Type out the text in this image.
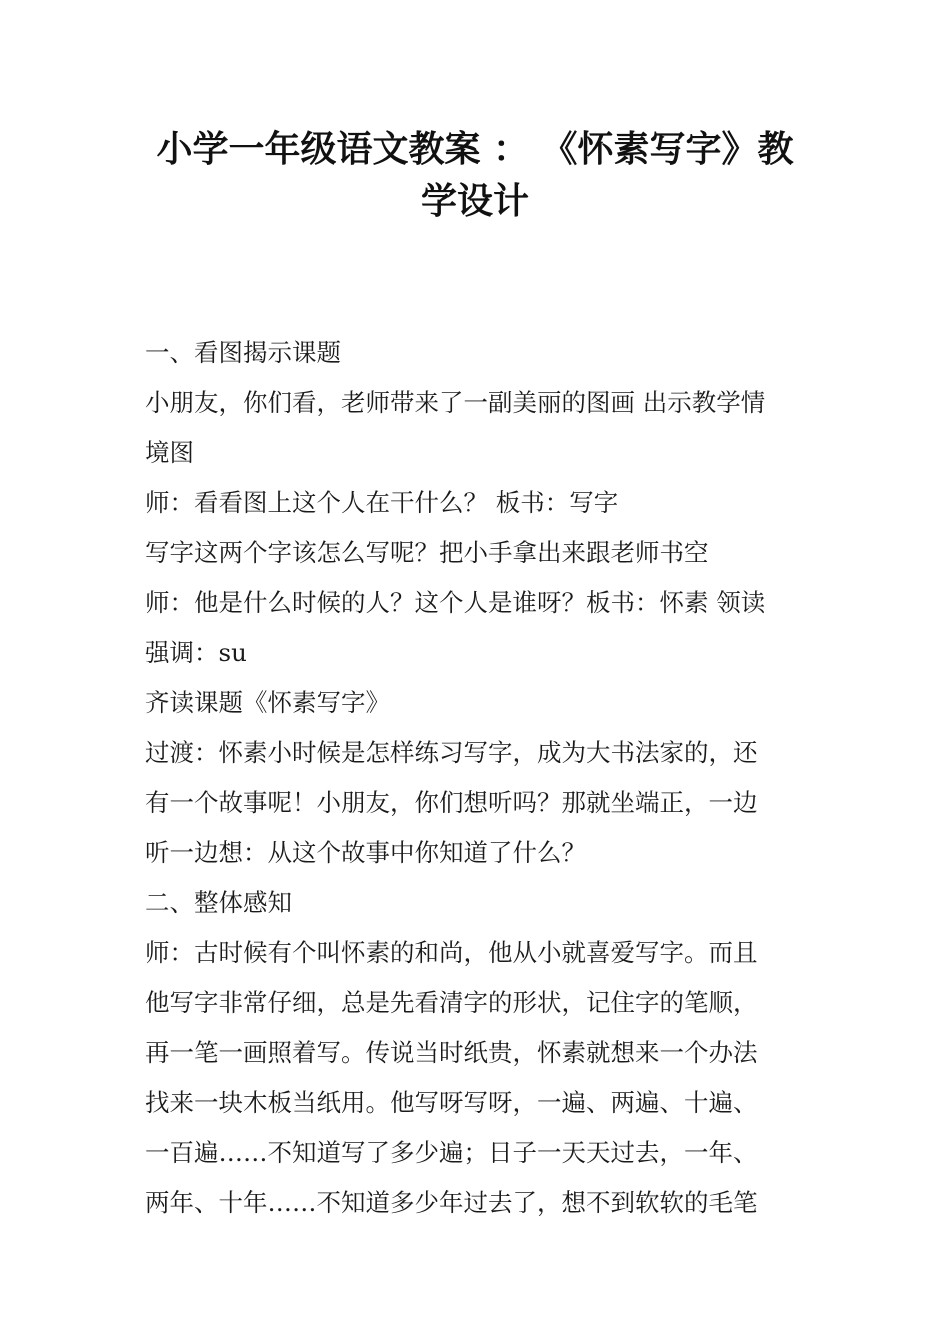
小学一年级语文教案 ： 《怀素写字》教
学设计
一、看图揭示课题
小朋友，你们看，老师带来了一副美丽的图画 出示教学情
境图
师：看看图上这个人在干什么？ 板书：写字
写字这两个字该怎么写呢？把小手拿出来跟老师书空
师：他是什么时候的人？这个人是谁呀？板书：怀素 领读
强调：su
齐读课题《怀素写字》
过渡：怀素小时候是怎样练习写字，成为大书法家的，还
有一个故事呢！小朋友，你们想听吗？那就坐端正，一边
听一边想：从这个故事中你知道了什么？
二、整体感知
师：古时候有个叫怀素的和尚，他从小就喜爱写字。而且
他写字非常仔细，总是先看清字的形状，记住字的笔顺，
再一笔一画照着写。传说当时纸贵，怀素就想来一个办法
找来一块木板当纸用。他写呀写呀，一遍、两遍、十遍、
一百遍……不知道写了多少遍；日子一天天过去，一年、
两年、十年……不知道多少年过去了，想不到软软的毛笔
